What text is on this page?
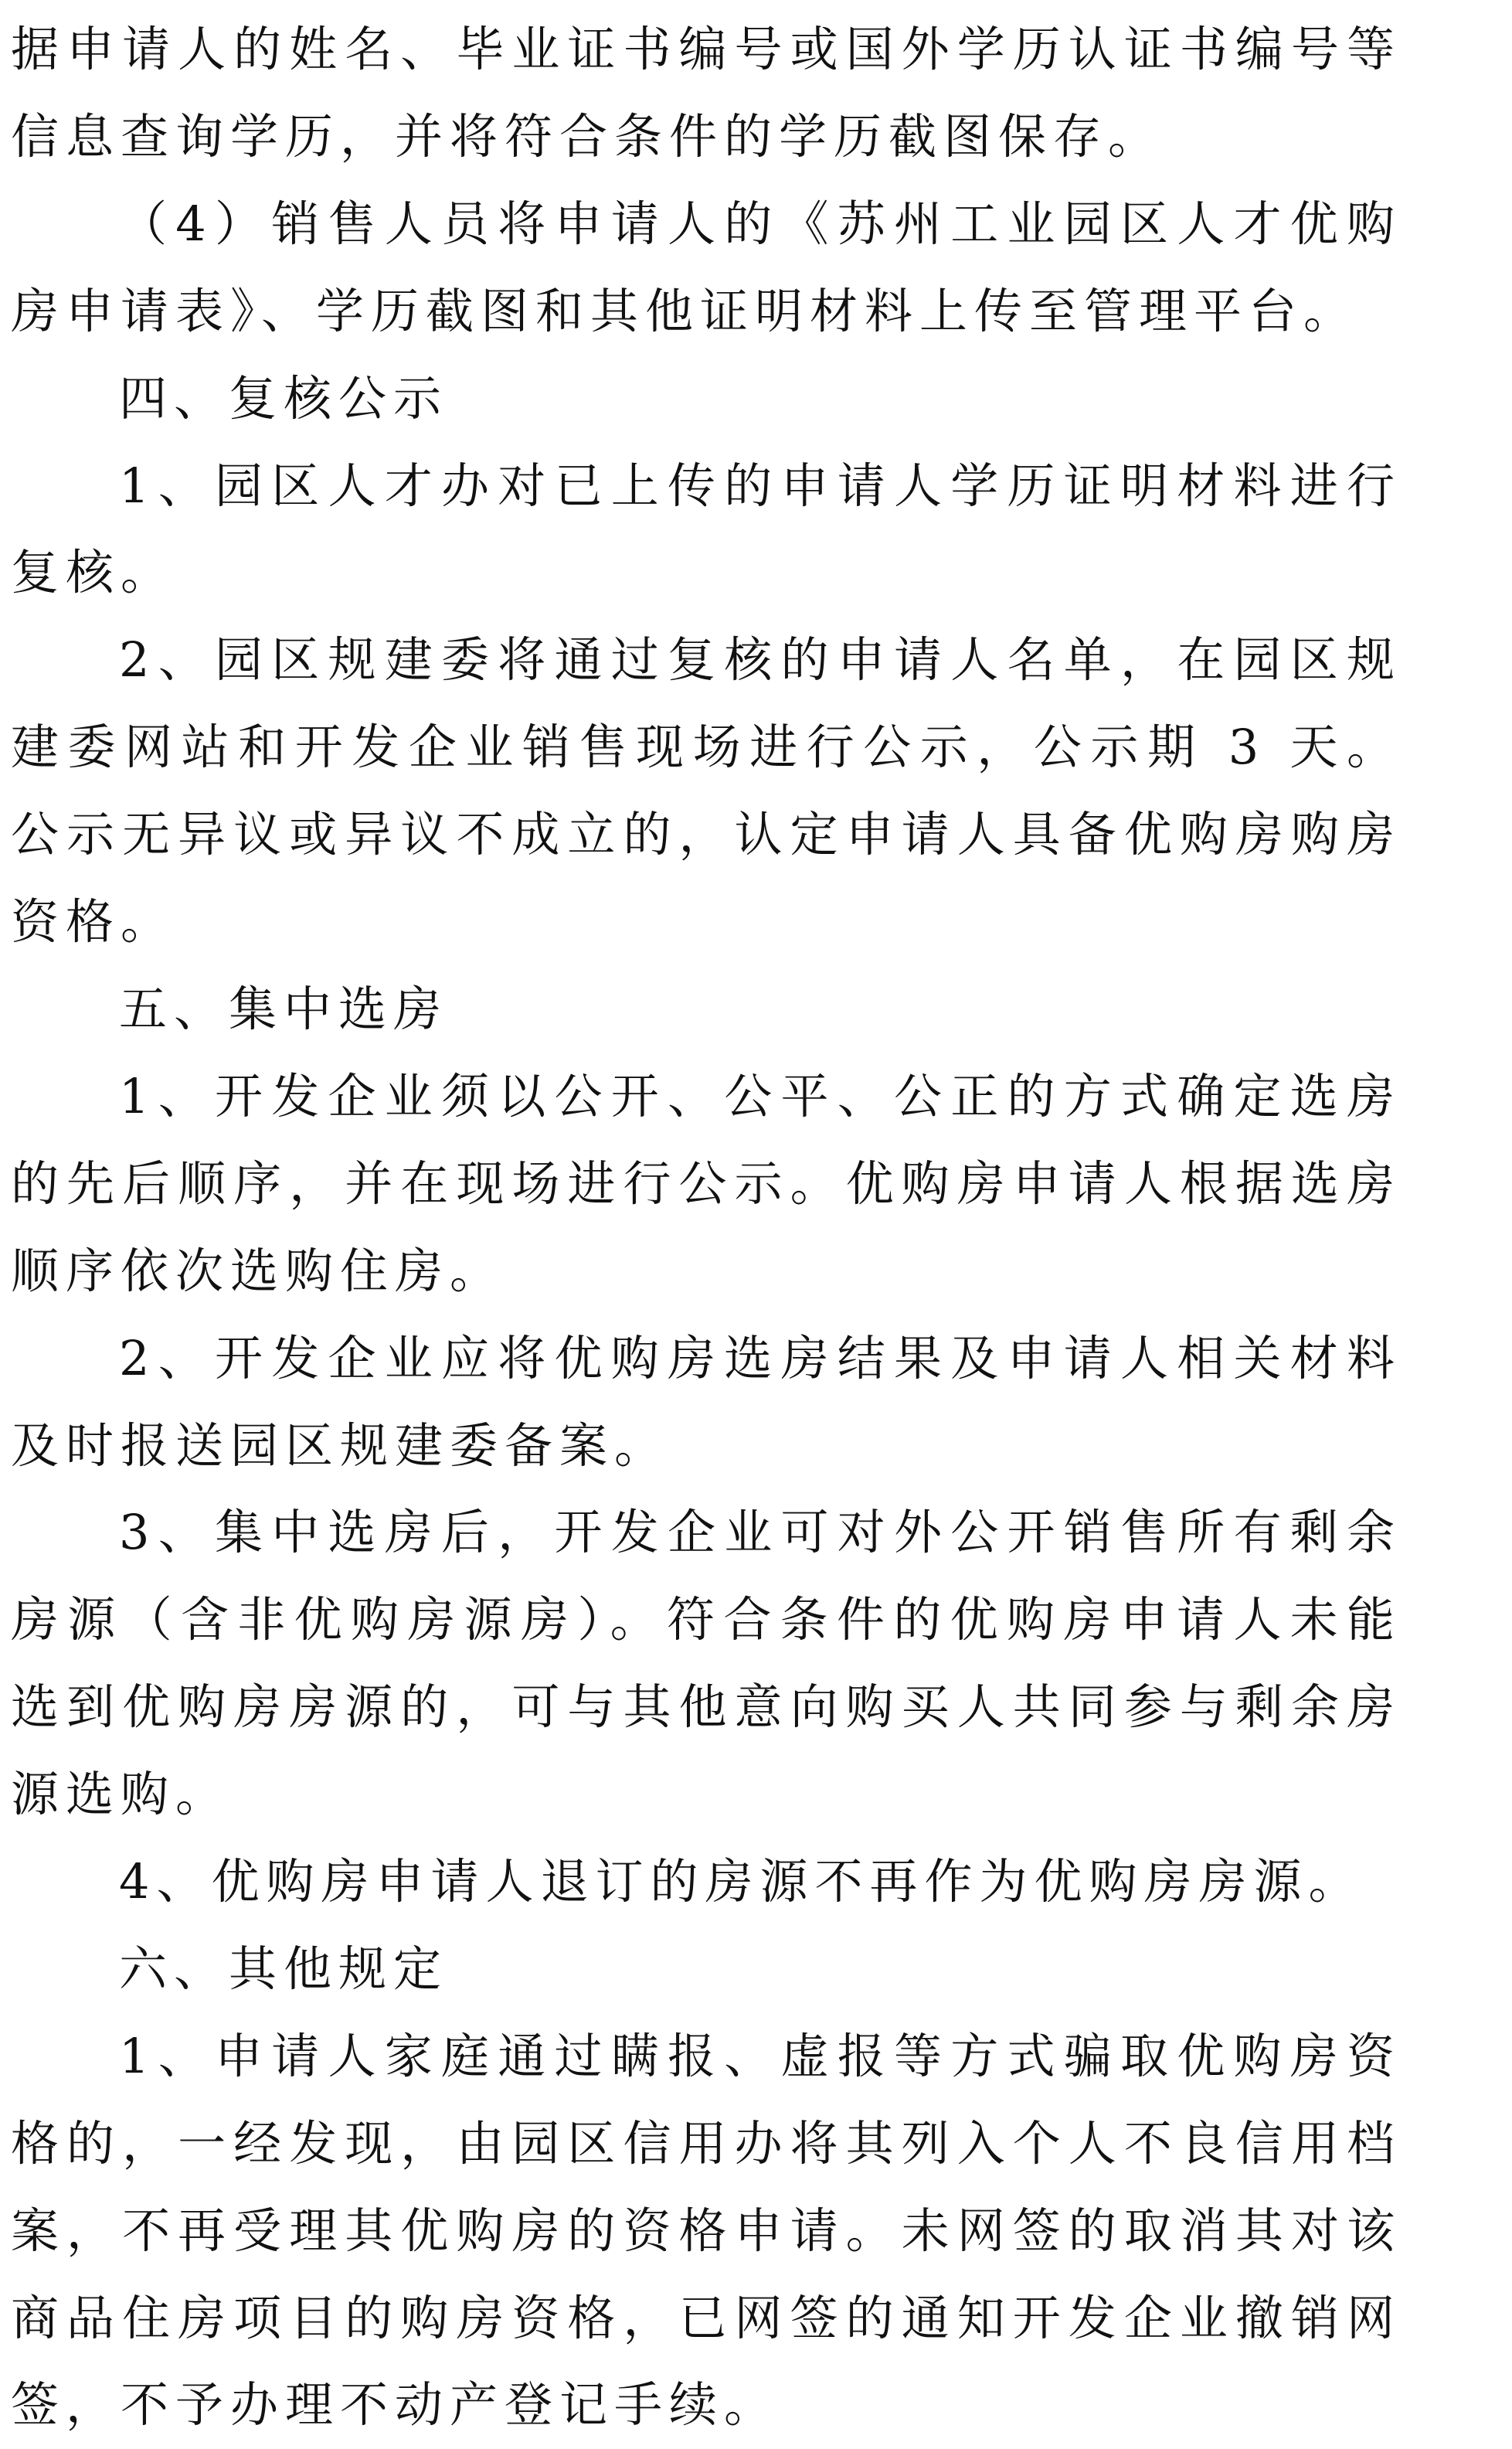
据申请人的姓名、毕业证书编号或国外学历认证书编号等信息查询学历，并将符合条件的学历截图保存。

（4）销售人员将申请人的《苏州工业园区人才优购房申请表》、学历截图和其他证明材料上传至管理平台。

四、复核公示

1、园区人才办对已上传的申请人学历证明材料进行复核。

2、园区规建委将通过复核的申请人名单，在园区规建委网站和开发企业销售现场进行公示，公示期 3 天。公示无异议或异议不成立的，认定申请人具备优购房购房资格。

五、集中选房

1、开发企业须以公开、公平、公正的方式确定选房的先后顺序，并在现场进行公示。优购房申请人根据选房顺序依次选购住房。

2、开发企业应将优购房选房结果及申请人相关材料及时报送园区规建委备案。

3、集中选房后，开发企业可对外公开销售所有剩余房源（含非优购房源房）。符合条件的优购房申请人未能选到优购房房源的，可与其他意向购买人共同参与剩余房源选购。

4、优购房申请人退订的房源不再作为优购房房源。

六、其他规定

1、申请人家庭通过瞒报、虚报等方式骗取优购房资格的，一经发现，由园区信用办将其列入个人不良信用档案，不再受理其优购房的资格申请。未网签的取消其对该商品住房项目的购房资格，已网签的通知开发企业撤销网签，不予办理不动产登记手续。
